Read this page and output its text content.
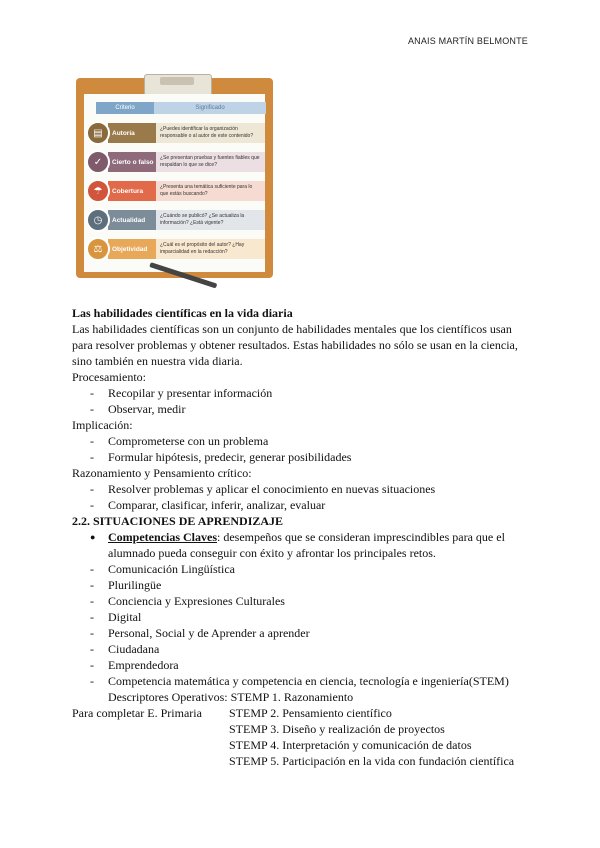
ANAIS MARTÍN BELMONTE
Criterio	Significado
Autoría
¿Puedes identificar la organización responsable o al autor de este contenido?
▤
Cierto o falso
¿Se presentan pruebas y fuentes fiables que respaldan lo que se dice?
✓
Cobertura
¿Presenta una temática suficiente para lo que estás buscando?
☂
Actualidad
¿Cuándo se publicó? ¿Se actualiza la información? ¿Está vigente?
◷
Objetividad
¿Cuál es el propósito del autor? ¿Hay imparcialidad en la redacción?
⚖
Las habilidades científicas en la vida diaria
Las habilidades científicas son un conjunto de habilidades mentales que los científicos usan
para resolver problemas y obtener resultados. Estas habilidades no sólo se usan en la ciencia,
sino también en nuestra vida diaria.
Procesamiento:
- Recopilar y presentar información
- Observar, medir
Implicación:
- Comprometerse con un problema
- Formular hipótesis, predecir, generar posibilidades
Razonamiento y Pensamiento crítico:
- Resolver problemas y aplicar el conocimiento en nuevas situaciones
- Comparar, clasificar, inferir, analizar, evaluar
2.2. SITUACIONES DE APRENDIZAJE
● Competencias Claves: desempeños que se consideran imprescindibles para que el
alumnado pueda conseguir con éxito y afrontar los principales retos.
- Comunicación Lingüística
- Plurilingüe
- Conciencia y Expresiones Culturales
- Digital
- Personal, Social y de Aprender a aprender
- Ciudadana
- Emprendedora
- Competencia matemática y competencia en ciencia, tecnología e ingeniería(STEM)
Descriptores Operativos: STEMP 1. Razonamiento
Para completar E. Primaria STEMP 2. Pensamiento científico
STEMP 3. Diseño y realización de proyectos
STEMP 4. Interpretación y comunicación de datos
STEMP 5. Participación en la vida con fundación científica
